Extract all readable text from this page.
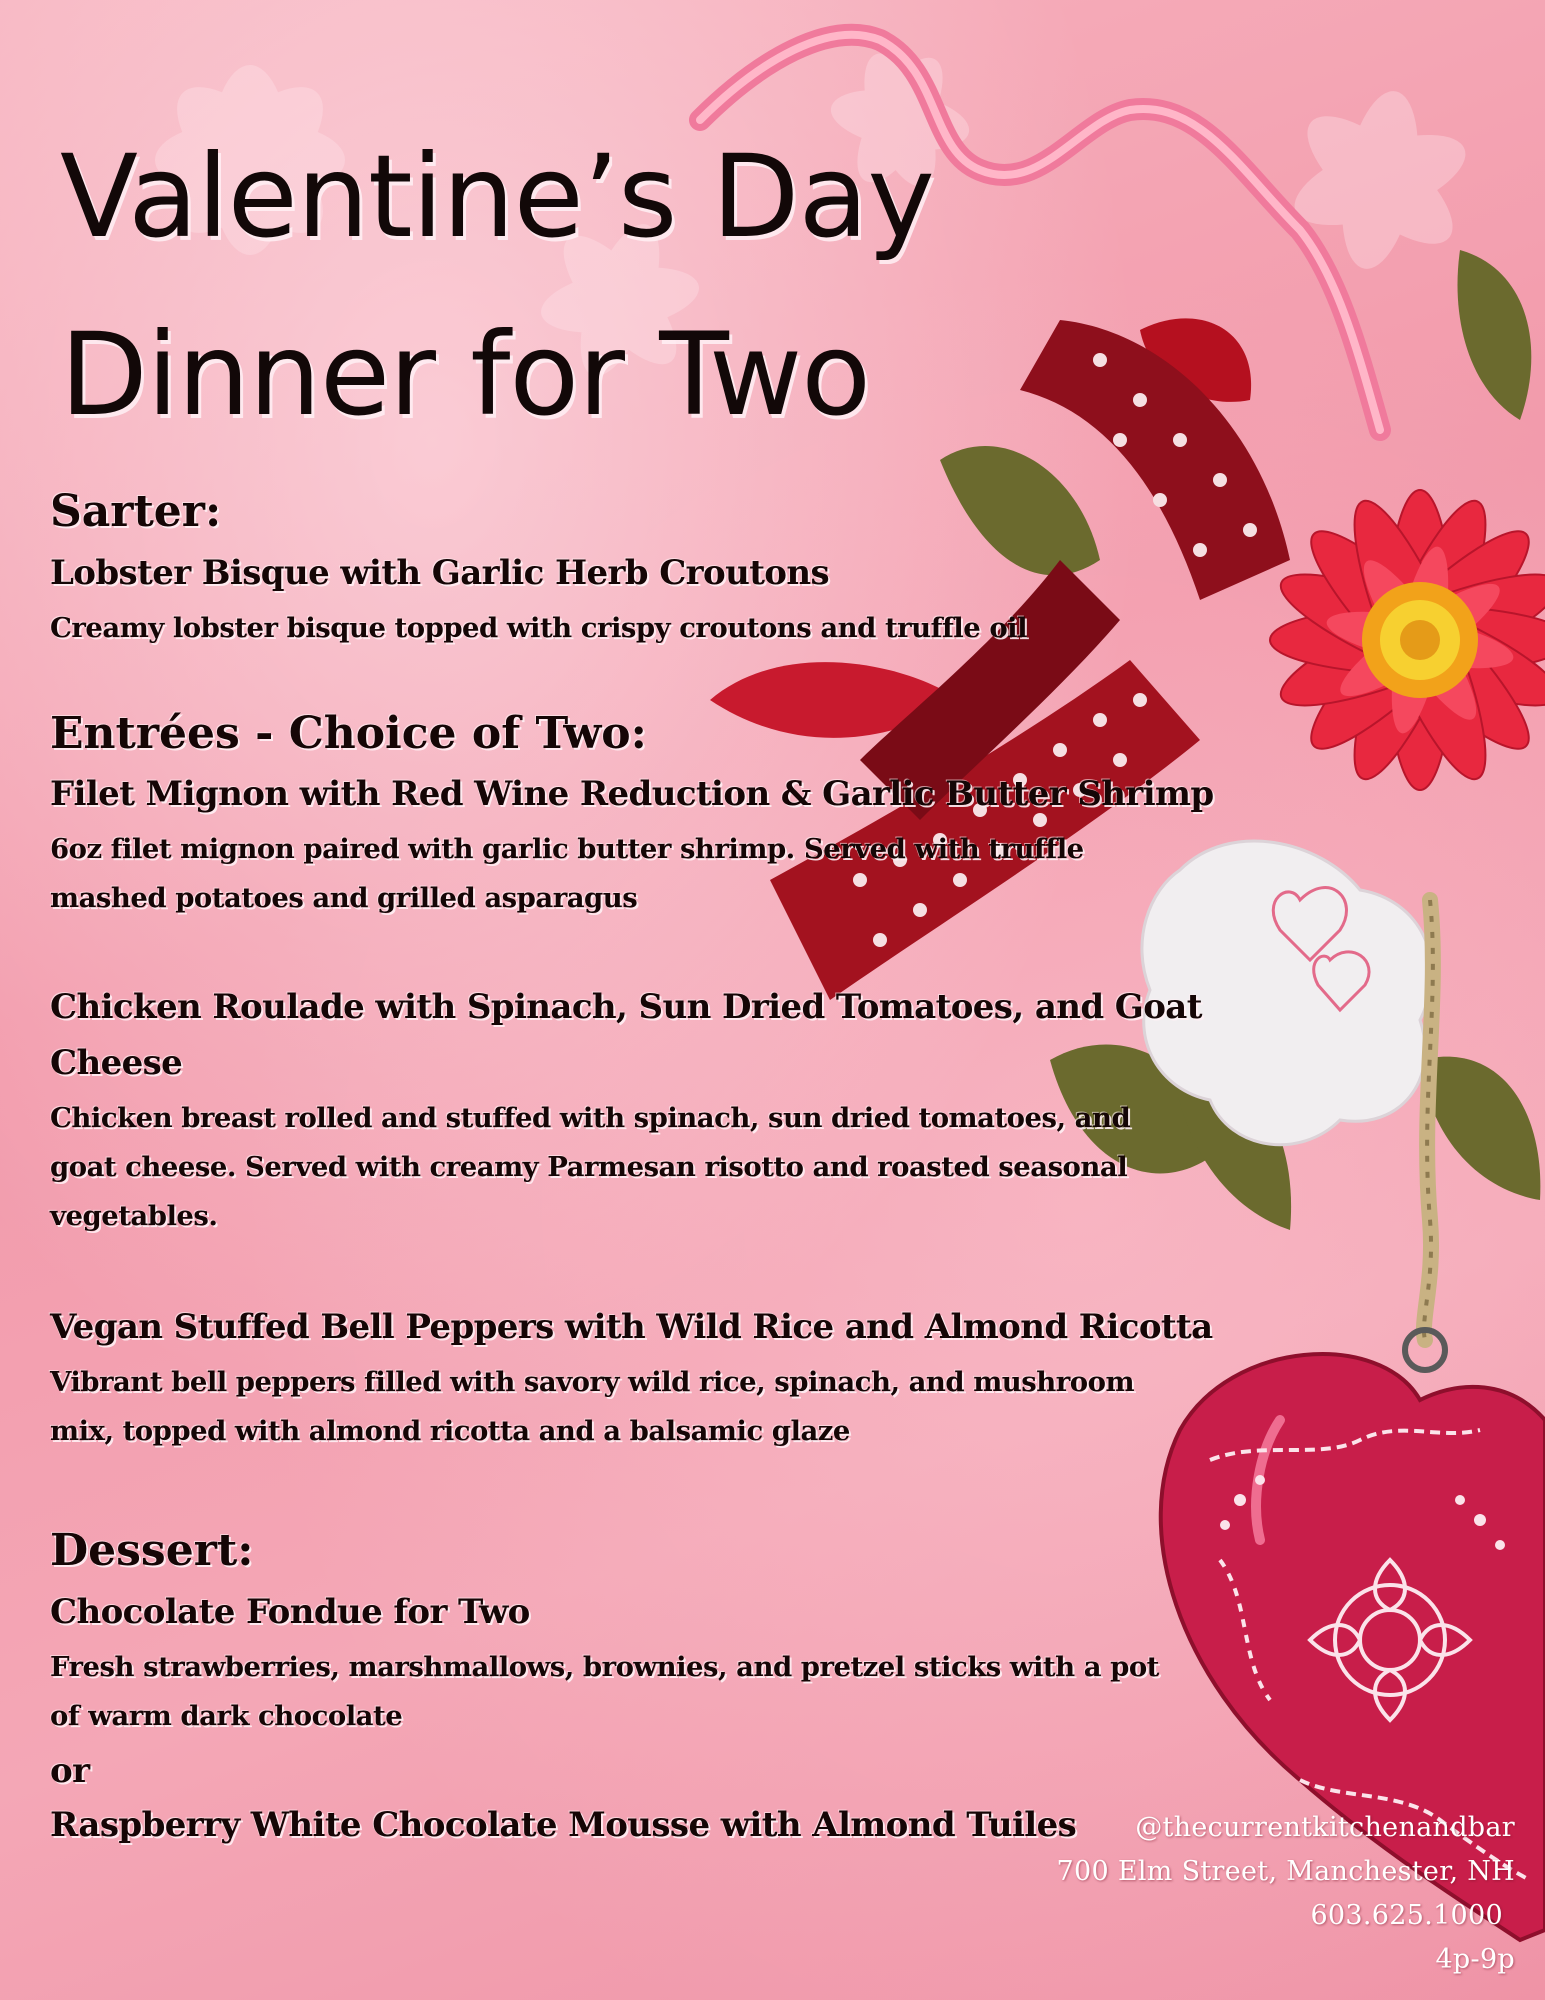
Valentine’s Day
Dinner for Two
Sarter:
Lobster Bisque with Garlic Herb Croutons
Creamy lobster bisque topped with crispy croutons and truffle oil
Entrées - Choice of Two:
Filet Mignon with Red Wine Reduction & Garlic Butter Shrimp
6oz filet mignon paired with garlic butter shrimp. Served with truffle
mashed potatoes and grilled asparagus
Chicken Roulade with Spinach, Sun Dried Tomatoes, and Goat
Cheese
Chicken breast rolled and stuffed with spinach, sun dried tomatoes, and
goat cheese. Served with creamy Parmesan risotto and roasted seasonal
vegetables.
Vegan Stuffed Bell Peppers with Wild Rice and Almond Ricotta
Vibrant bell peppers filled with savory wild rice, spinach, and mushroom
mix, topped with almond ricotta and a balsamic glaze
Dessert:
Chocolate Fondue for Two
Fresh strawberries, marshmallows, brownies, and pretzel sticks with a pot
of warm dark chocolate
or
Raspberry White Chocolate Mousse with Almond Tuiles @thecurrentkitchenandbar
700 Elm Street, Manchester, NH
603.625.1000
4p-9p
